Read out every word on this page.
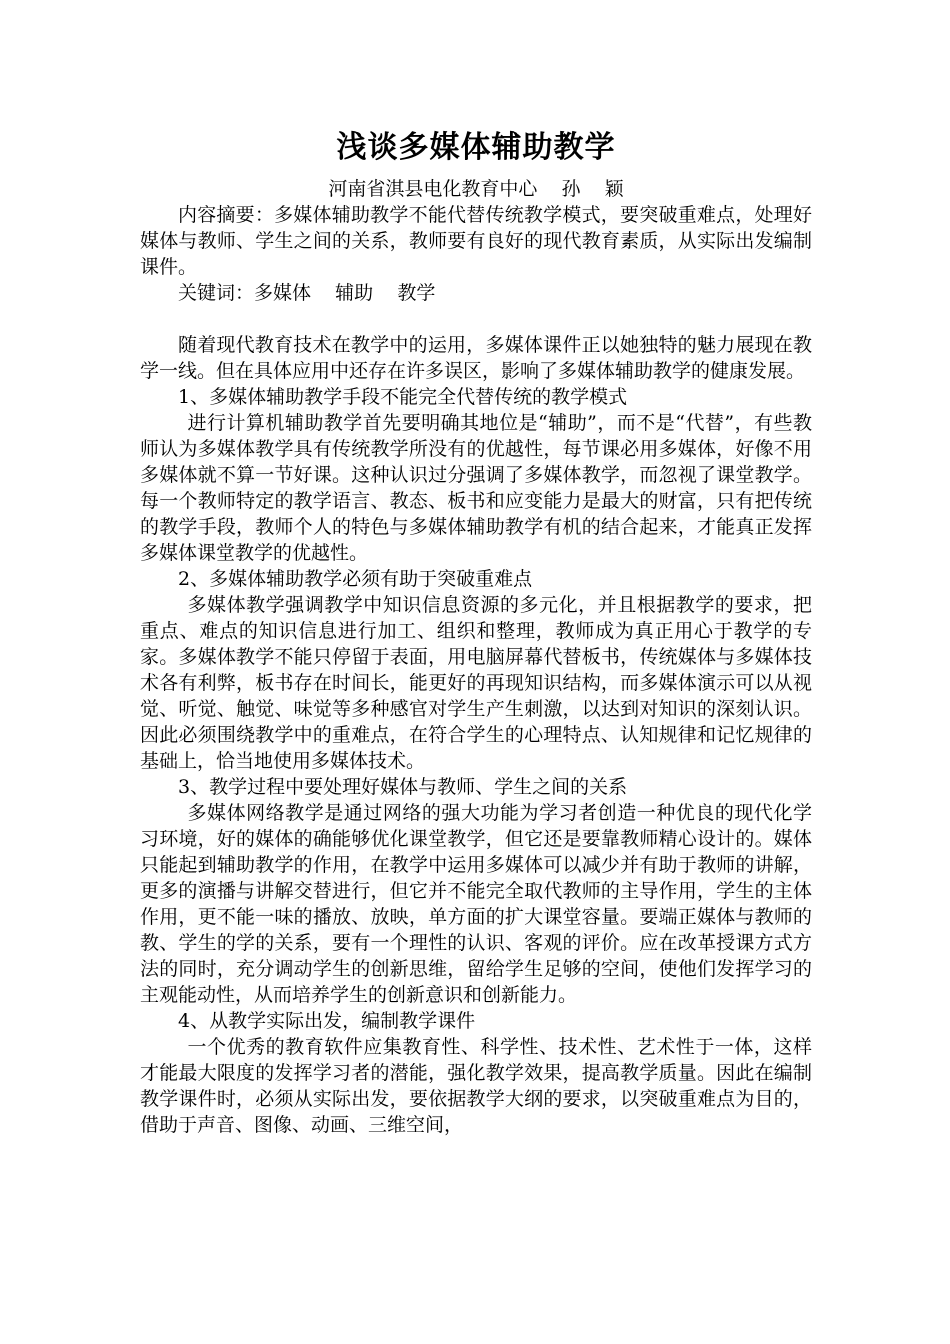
浅谈多媒体辅助教学

河南省淇县电化教育中心    孙    颖

内容摘要：多媒体辅助教学不能代替传统教学模式，要突破重难点，处理好媒体与教师、学生之间的关系，教师要有良好的现代教育素质，从实际出发编制课件。

关键词：多媒体    辅助    教学

随着现代教育技术在教学中的运用，多媒体课件正以她独特的魅力展现在教学一线。但在具体应用中还存在许多误区，影响了多媒体辅助教学的健康发展。

1、多媒体辅助教学手段不能完全代替传统的教学模式

进行计算机辅助教学首先要明确其地位是“辅助”，而不是“代替”，有些教师认为多媒体教学具有传统教学所没有的优越性，每节课必用多媒体，好像不用多媒体就不算一节好课。这种认识过分强调了多媒体教学，而忽视了课堂教学。每一个教师特定的教学语言、教态、板书和应变能力是最大的财富，只有把传统的教学手段，教师个人的特色与多媒体辅助教学有机的结合起来，才能真正发挥多媒体课堂教学的优越性。

2、多媒体辅助教学必须有助于突破重难点

多媒体教学强调教学中知识信息资源的多元化，并且根据教学的要求，把重点、难点的知识信息进行加工、组织和整理，教师成为真正用心于教学的专家。多媒体教学不能只停留于表面，用电脑屏幕代替板书，传统媒体与多媒体技术各有利弊，板书存在时间长，能更好的再现知识结构，而多媒体演示可以从视觉、听觉、触觉、味觉等多种感官对学生产生刺激，以达到对知识的深刻认识。因此必须围绕教学中的重难点，在符合学生的心理特点、认知规律和记忆规律的基础上，恰当地使用多媒体技术。

3、教学过程中要处理好媒体与教师、学生之间的关系

多媒体网络教学是通过网络的强大功能为学习者创造一种优良的现代化学习环境，好的媒体的确能够优化课堂教学，但它还是要靠教师精心设计的。媒体只能起到辅助教学的作用，在教学中运用多媒体可以减少并有助于教师的讲解，更多的演播与讲解交替进行，但它并不能完全取代教师的主导作用，学生的主体作用，更不能一味的播放、放映，单方面的扩大课堂容量。要端正媒体与教师的教、学生的学的关系，要有一个理性的认识、客观的评价。应在改革授课方式方法的同时，充分调动学生的创新思维，留给学生足够的空间，使他们发挥学习的主观能动性，从而培养学生的创新意识和创新能力。

4、从教学实际出发，编制教学课件

一个优秀的教育软件应集教育性、科学性、技术性、艺术性于一体，这样才能最大限度的发挥学习者的潜能，强化教学效果，提高教学质量。因此在编制教学课件时，必须从实际出发，要依据教学大纲的要求，以突破重难点为目的，借助于声音、图像、动画、三维空间，
